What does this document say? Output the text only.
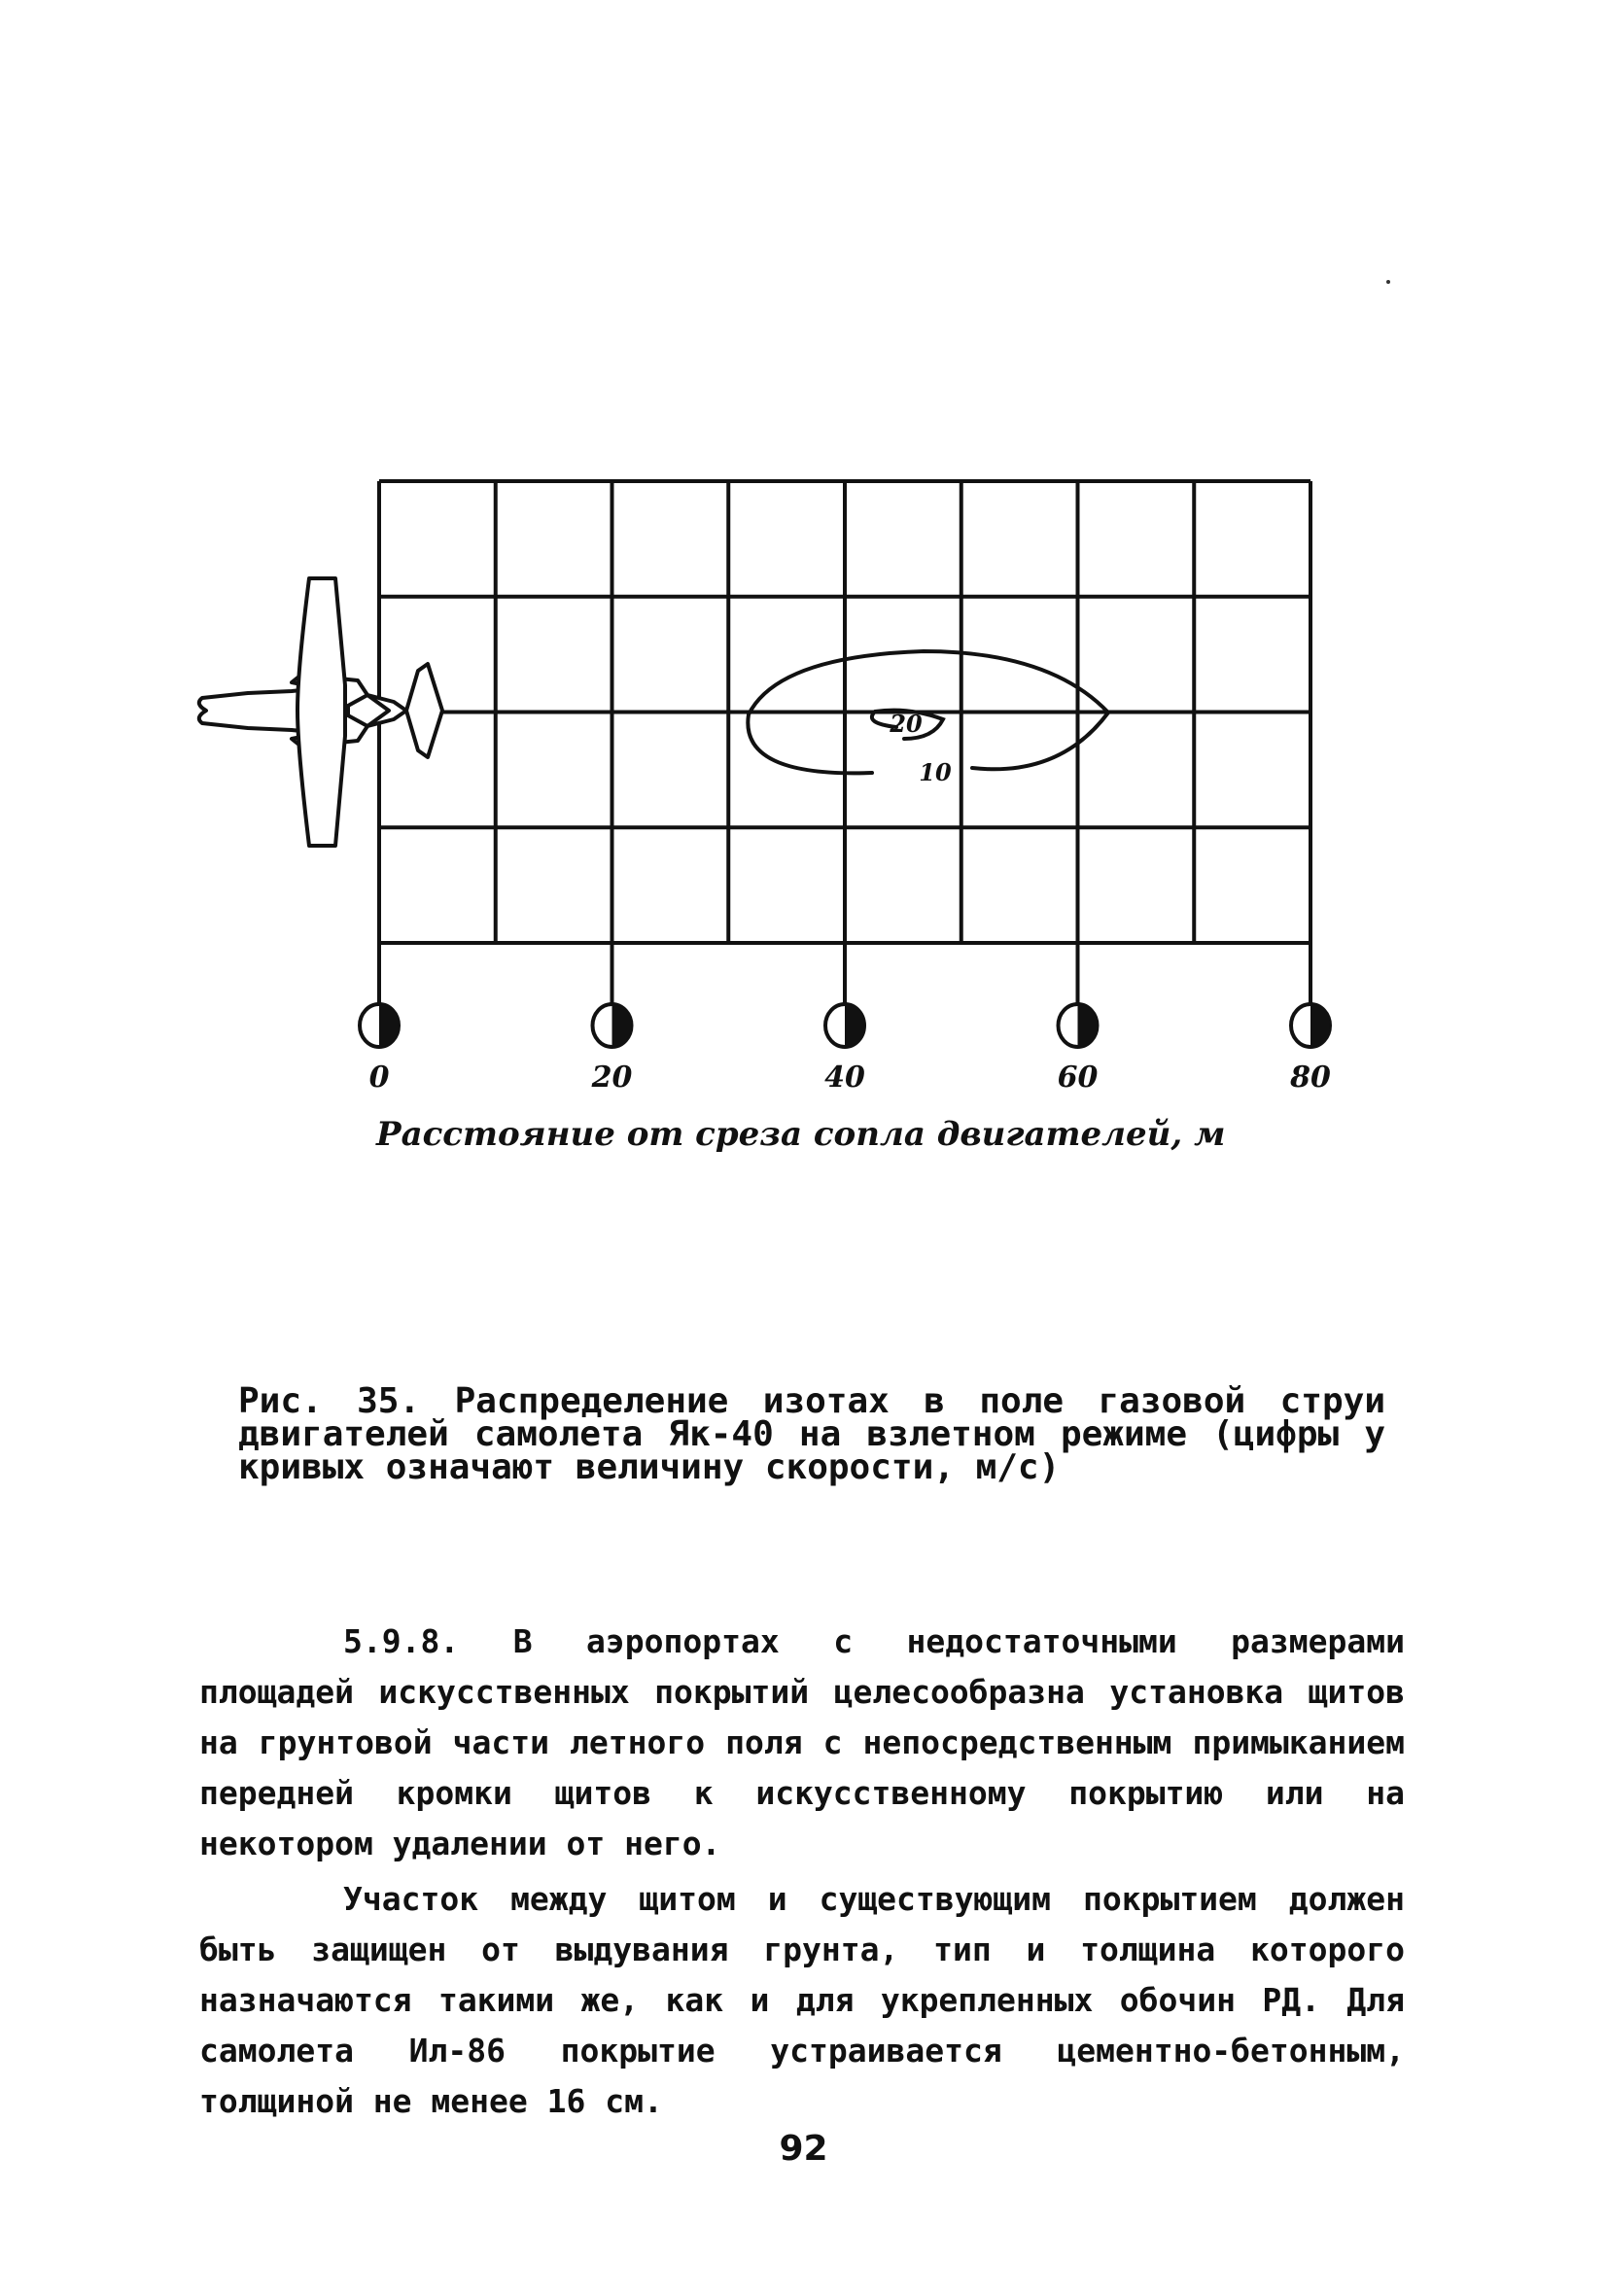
10
20
0	20	40	60	80
Расстояние от среза сопла двигателей, м
Рис. 35. Распределение изотах в поле газовой струи двигателей самолета Як-40 на взлетном режиме (цифры у кривых означают величину скорости, м/с)

5.9.8. В аэропортах с недостаточными размерами площадей искусственных покрытий целесообразна установка щитов на грунтовой части летного поля с непосредственным примыканием передней кромки щитов к искусственному покрытию или на некотором удалении от него.

Участок между щитом и существующим покрытием должен быть защищен от выдувания грунта, тип и толщина которого назначаются такими же, как и для укрепленных обочин РД. Для самолета Ил-86 покрытие устраивается цементно-бетонным, толщиной не менее 16 см.

92
